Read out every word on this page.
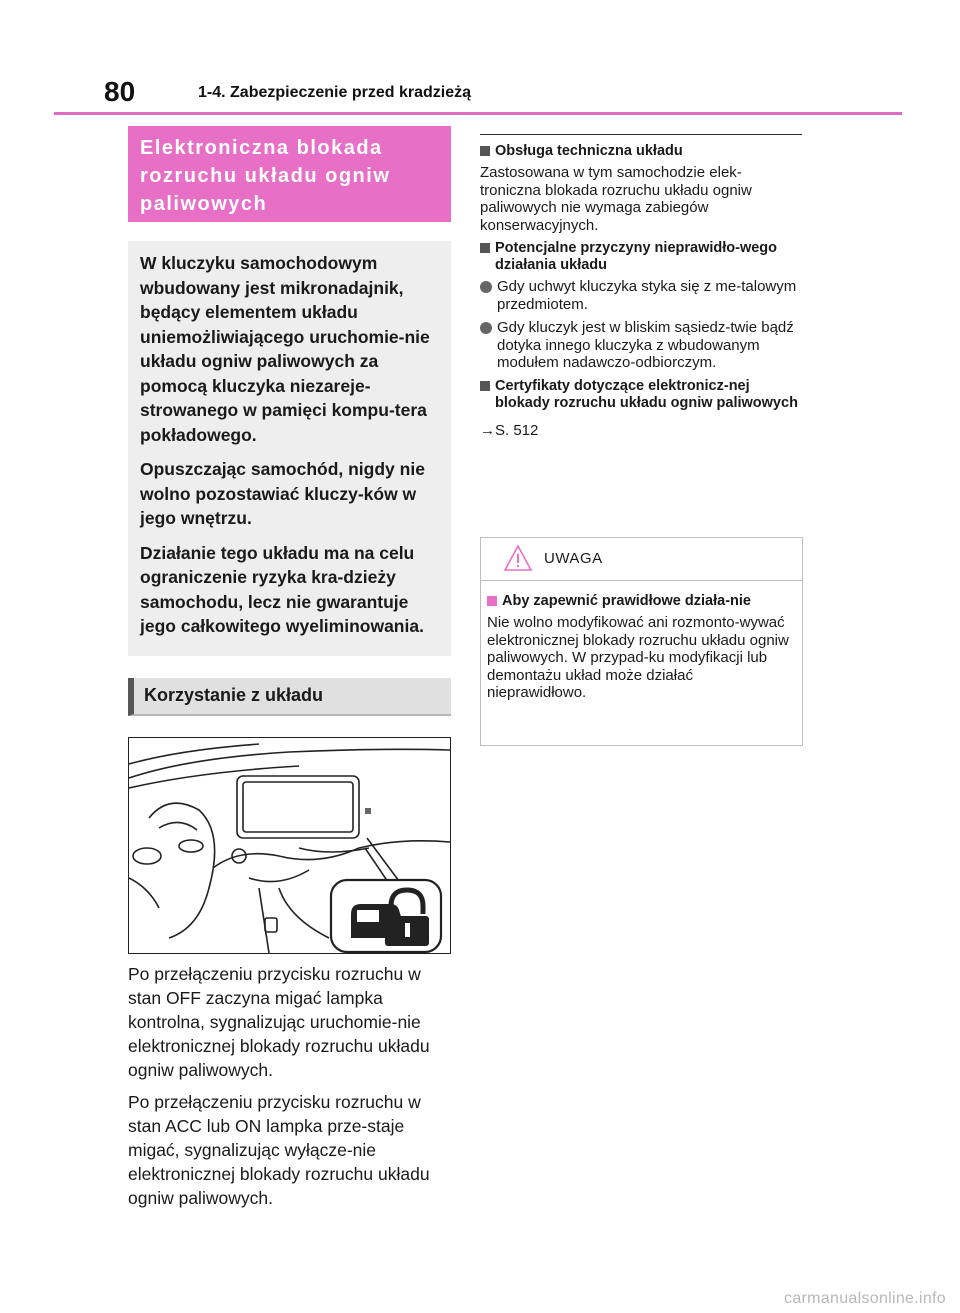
80	1-4. Zabezpieczenie przed kradzieżą
Elektroniczna blokada rozruchu układu ogniw paliwowych

W kluczyku samochodowym wbudowany jest mikronadajnik, będący elementem układu uniemożliwiającego uruchomie-nie układu ogniw paliwowych za pomocą kluczyka niezareje-strowanego w pamięci kompu-tera pokładowego.

Opuszczając samochód, nigdy nie wolno pozostawiać kluczy-ków w jego wnętrzu.

Działanie tego układu ma na celu ograniczenie ryzyka kra-dzieży samochodu, lecz nie gwarantuje jego całkowitego wyeliminowania.

Korzystanie z układu

Po przełączeniu przycisku rozruchu w stan OFF zaczyna migać lampka kontrolna, sygnalizując uruchomie-nie elektronicznej blokady rozruchu układu ogniw paliwowych.

Po przełączeniu przycisku rozruchu w stan ACC lub ON lampka prze-staje migać, sygnalizując wyłącze-nie elektronicznej blokady rozruchu układu ogniw paliwowych.

Obsługa techniczna układu
Zastosowana w tym samochodzie elek-troniczna blokada rozruchu układu ogniw paliwowych nie wymaga zabiegów konserwacyjnych.
Potencjalne przyczyny nieprawidło-wego działania układu
Gdy uchwyt kluczyka styka się z me-talowym przedmiotem.
Gdy kluczyk jest w bliskim sąsiedz-twie bądź dotyka innego kluczyka z wbudowanym modułem nadawczo-odbiorczym.
Certyfikaty dotyczące elektronicz-nej blokady rozruchu układu ogniw paliwowych
→S. 512
UWAGA
Aby zapewnić prawidłowe działa-nie
Nie wolno modyfikować ani rozmonto-wywać elektronicznej blokady rozruchu układu ogniw paliwowych. W przypad-ku modyfikacji lub demontażu układ może działać nieprawidłowo.
carmanualsonline.info
